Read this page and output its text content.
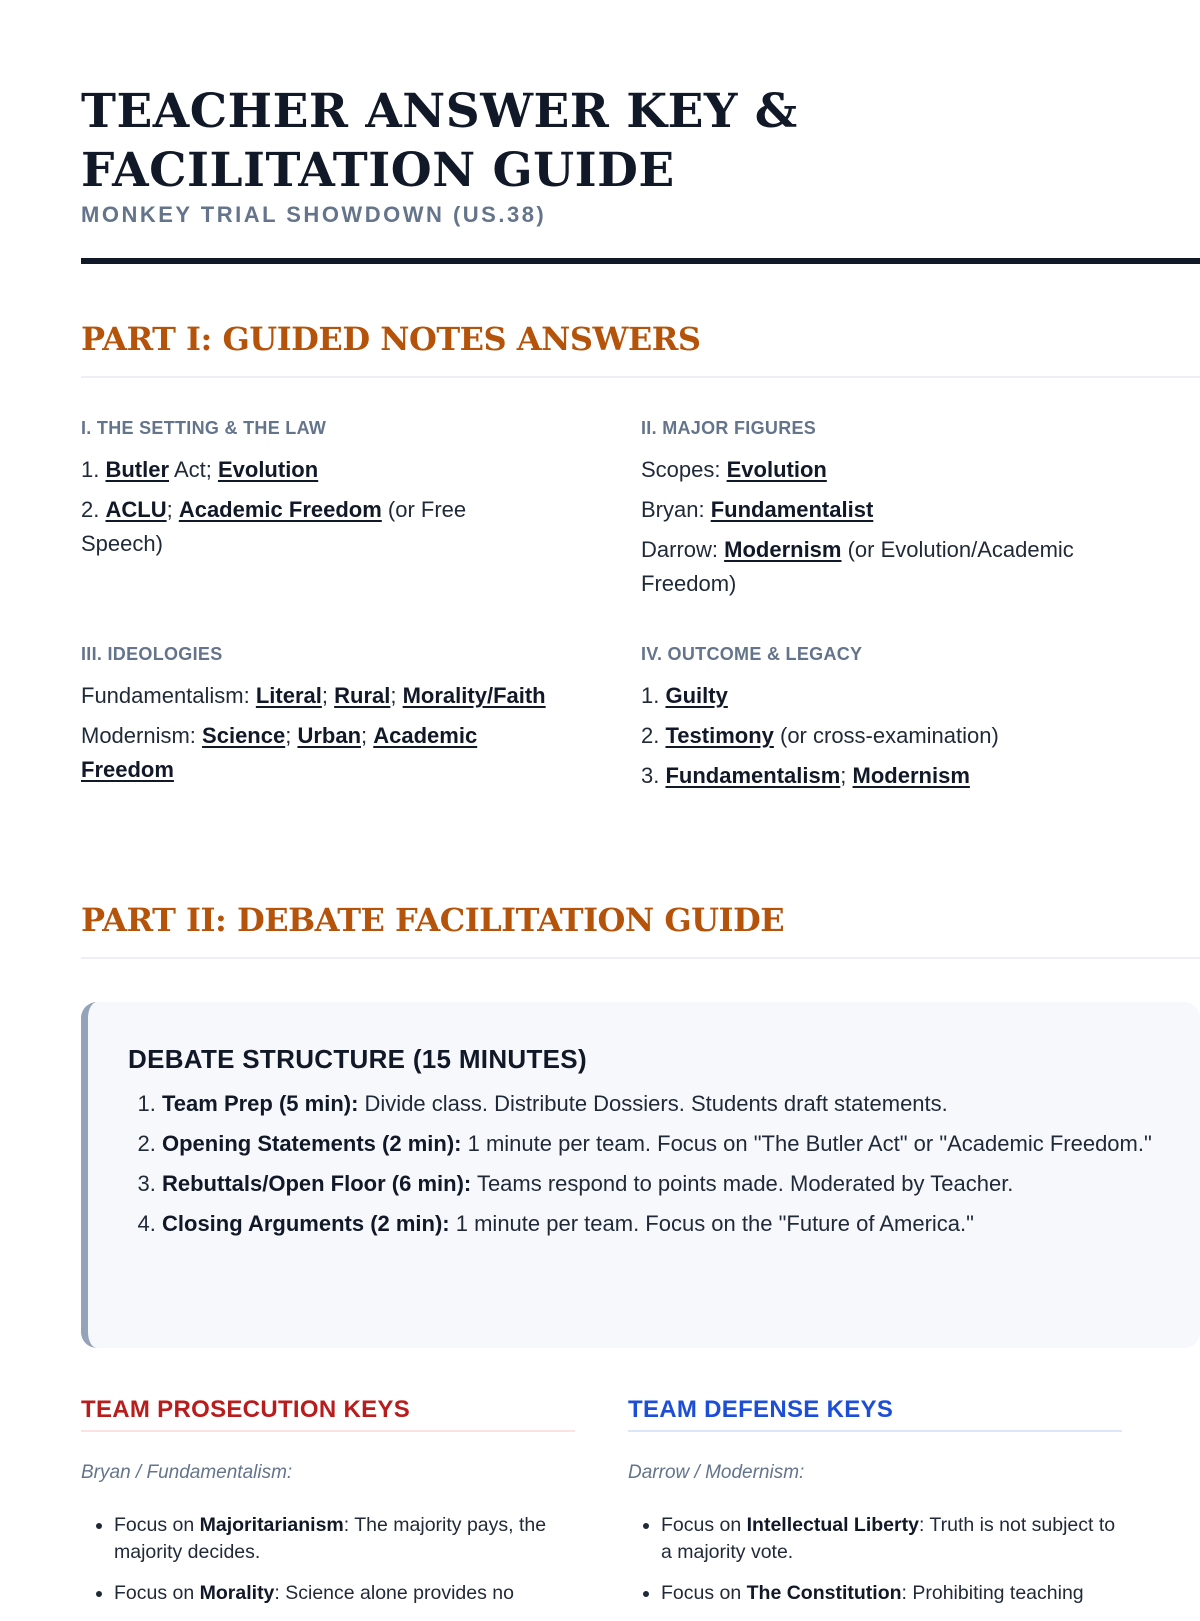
TEACHER ANSWER KEY & FACILITATION GUIDE
MONKEY TRIAL SHOWDOWN (US.38)
PART I: GUIDED NOTES ANSWERS
I. THE SETTING & THE LAW
1. Butler Act; Evolution
2. ACLU; Academic Freedom (or Free Speech)
II. MAJOR FIGURES
Scopes: Evolution
Bryan: Fundamentalist
Darrow: Modernism (or Evolution/Academic Freedom)
III. IDEOLOGIES
Fundamentalism: Literal; Rural; Morality/Faith
Modernism: Science; Urban; Academic Freedom
IV. OUTCOME & LEGACY
1. Guilty
2. Testimony (or cross-examination)
3. Fundamentalism; Modernism
PART II: DEBATE FACILITATION GUIDE
DEBATE STRUCTURE (15 MINUTES)
1. Team Prep (5 min): Divide class. Distribute Dossiers. Students draft statements.
2. Opening Statements (2 min): 1 minute per team. Focus on "The Butler Act" or "Academic Freedom."
3. Rebuttals/Open Floor (6 min): Teams respond to points made. Moderated by Teacher.
4. Closing Arguments (2 min): 1 minute per team. Focus on the "Future of America."
TEAM PROSECUTION KEYS
Bryan / Fundamentalism:
• Focus on Majoritarianism: The majority pays, the majority decides.
• Focus on Morality: Science alone provides no
TEAM DEFENSE KEYS
Darrow / Modernism:
• Focus on Intellectual Liberty: Truth is not subject to a majority vote.
• Focus on The Constitution: Prohibiting teaching
